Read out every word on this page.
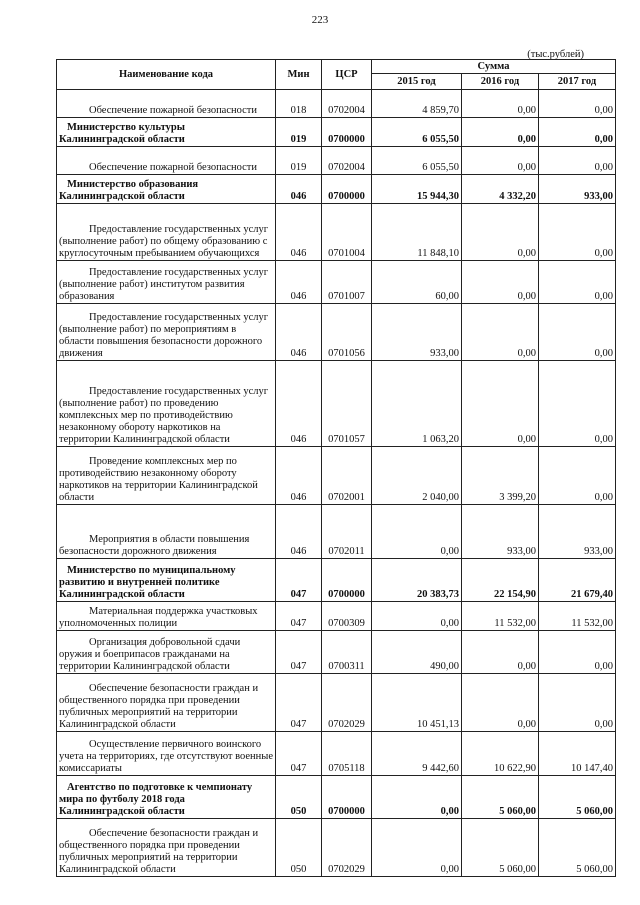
223
(тыс.рублей)
Наименование кода	Мин	ЦСР	Сумма		
			2015 год	2016 год	2017 год
Обеспечение пожарной безопасности	018	0702004	4 859,70	0,00	0,00
Министерство культуры Калининградской области	019	0700000	6 055,50	0,00	0,00
Обеспечение пожарной безопасности	019	0702004	6 055,50	0,00	0,00
Министерство образования Калининградской области	046	0700000	15 944,30	4 332,20	933,00
Предоставление государственных услуг (выполнение работ) по общему образованию с круглосуточным пребыванием обучающихся	046	0701004	11 848,10	0,00	0,00
Предоставление государственных услуг (выполнение работ) институтом развития образования	046	0701007	60,00	0,00	0,00
Предоставление государственных услуг (выполнение работ) по мероприятиям в области повышения безопасности дорожного движения	046	0701056	933,00	0,00	0,00
Предоставление государственных услуг (выполнение работ) по проведению комплексных мер по противодействию незаконному обороту наркотиков на территории Калининградской области	046	0701057	1 063,20	0,00	0,00
Проведение комплексных мер по противодействию незаконному обороту наркотиков на территории Калининградской области	046	0702001	2 040,00	3 399,20	0,00
Мероприятия в области повышения безопасности дорожного движения	046	0702011	0,00	933,00	933,00
Министерство по муниципальному развитию и внутренней политике Калининградской области	047	0700000	20 383,73	22 154,90	21 679,40
Материальная поддержка участковых уполномоченных полиции	047	0700309	0,00	11 532,00	11 532,00
Организация добровольной сдачи оружия и боеприпасов гражданами на территории Калининградской области	047	0700311	490,00	0,00	0,00
Обеспечение безопасности граждан и общественного порядка при проведении публичных мероприятий на территории Калининградской области	047	0702029	10 451,13	0,00	0,00
Осуществление первичного воинского учета на территориях, где отсутствуют военные комиссариаты	047	0705118	9 442,60	10 622,90	10 147,40
Агентство по подготовке к чемпионату мира по футболу 2018 года Калининградской области	050	0700000	0,00	5 060,00	5 060,00
Обеспечение безопасности граждан и общественного порядка при проведении публичных мероприятий на территории Калининградской области	050	0702029	0,00	5 060,00	5 060,00
